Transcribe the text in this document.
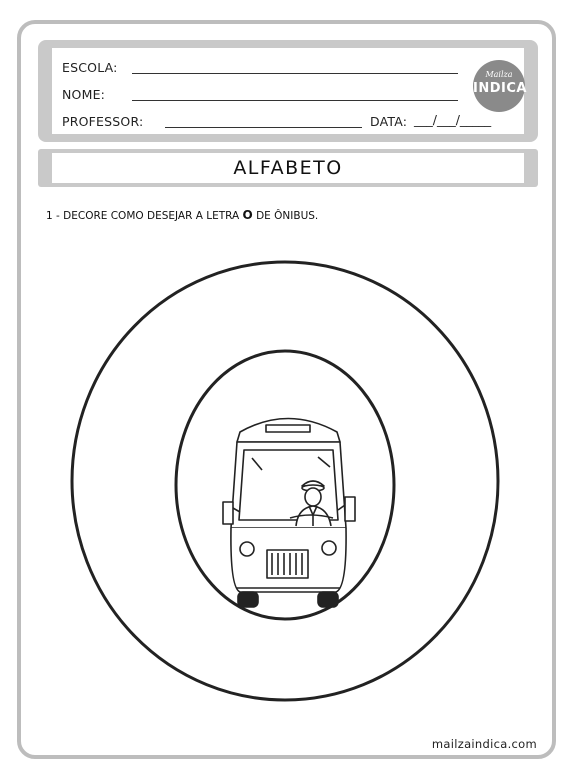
ESCOLA:
NOME:
PROFESSOR:	DATA: ___/___/_____
Mailza
INDICA
ALFABETO
1 - DECORE COMO DESEJAR A LETRA O DE ÔNIBUS.
mailzaindica.com
